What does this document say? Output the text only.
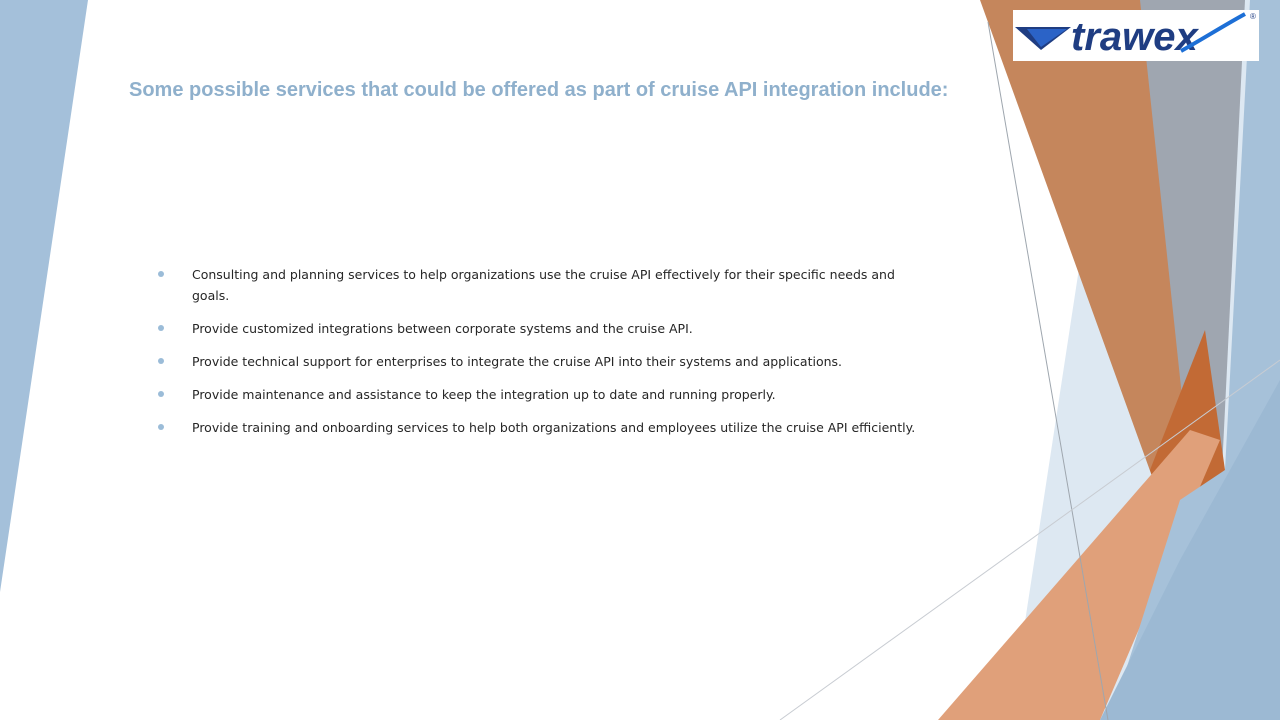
trawex	®
Some possible services that could be offered as part of cruise API integration include:
Consulting and planning services to help organizations use the cruise API effectively for their specific needs and goals.
Provide customized integrations between corporate systems and the cruise API.
Provide technical support for enterprises to integrate the cruise API into their systems and applications.
Provide maintenance and assistance to keep the integration up to date and running properly.
Provide training and onboarding services to help both organizations and employees utilize the cruise API efficiently.
